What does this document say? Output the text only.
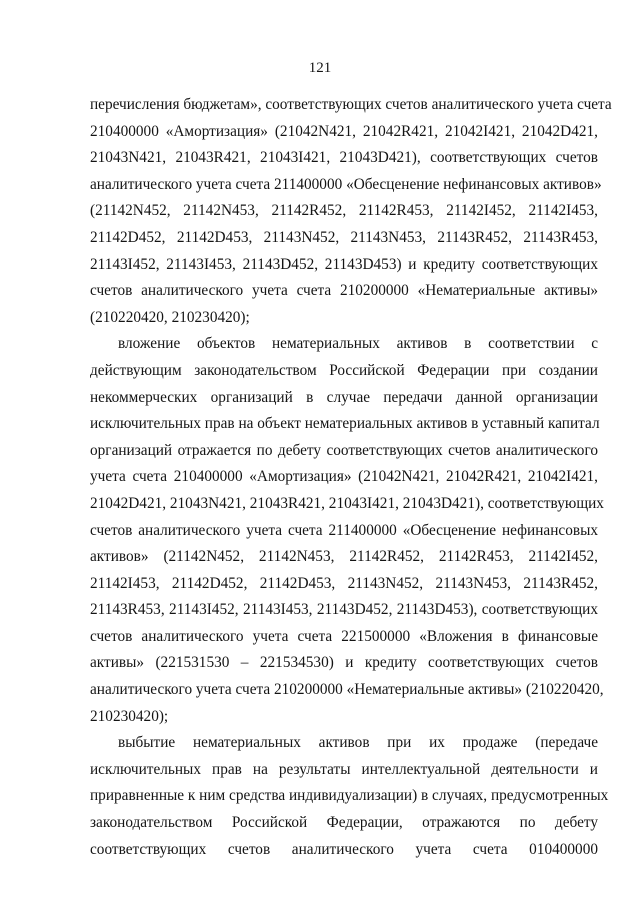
121
перечисления бюджетам», соответствующих счетов аналитического учета счета
210400000 «Амортизация» (21042N421, 21042R421, 21042I421, 21042D421,
21043N421, 21043R421, 21043I421, 21043D421), соответствующих счетов
аналитического учета счета 211400000 «Обесценение нефинансовых активов»
(21142N452, 21142N453, 21142R452, 21142R453, 21142I452, 21142I453,
21142D452, 21142D453, 21143N452, 21143N453, 21143R452, 21143R453,
21143I452, 21143I453, 21143D452, 21143D453) и кредиту соответствующих
счетов аналитического учета счета 210200000 «Нематериальные активы»
(210220420, 210230420);
вложение объектов нематериальных активов в соответствии с
действующим законодательством Российской Федерации при создании
некоммерческих организаций в случае передачи данной организации
исключительных прав на объект нематериальных активов в уставный капитал
организаций отражается по дебету соответствующих счетов аналитического
учета счета 210400000 «Амортизация» (21042N421, 21042R421, 21042I421,
21042D421, 21043N421, 21043R421, 21043I421, 21043D421), соответствующих
счетов аналитического учета счета 211400000 «Обесценение нефинансовых
активов» (21142N452, 21142N453, 21142R452, 21142R453, 21142I452,
21142I453, 21142D452, 21142D453, 21143N452, 21143N453, 21143R452,
21143R453, 21143I452, 21143I453, 21143D452, 21143D453), соответствующих
счетов аналитического учета счета 221500000 «Вложения в финансовые
активы» (221531530 – 221534530) и кредиту соответствующих счетов
аналитического учета счета 210200000 «Нематериальные активы» (210220420,
210230420);
выбытие нематериальных активов при их продаже (передаче
исключительных прав на результаты интеллектуальной деятельности и
приравненные к ним средства индивидуализации) в случаях, предусмотренных
законодательством Российской Федерации, отражаются по дебету
соответствующих счетов аналитического учета счета 010400000
